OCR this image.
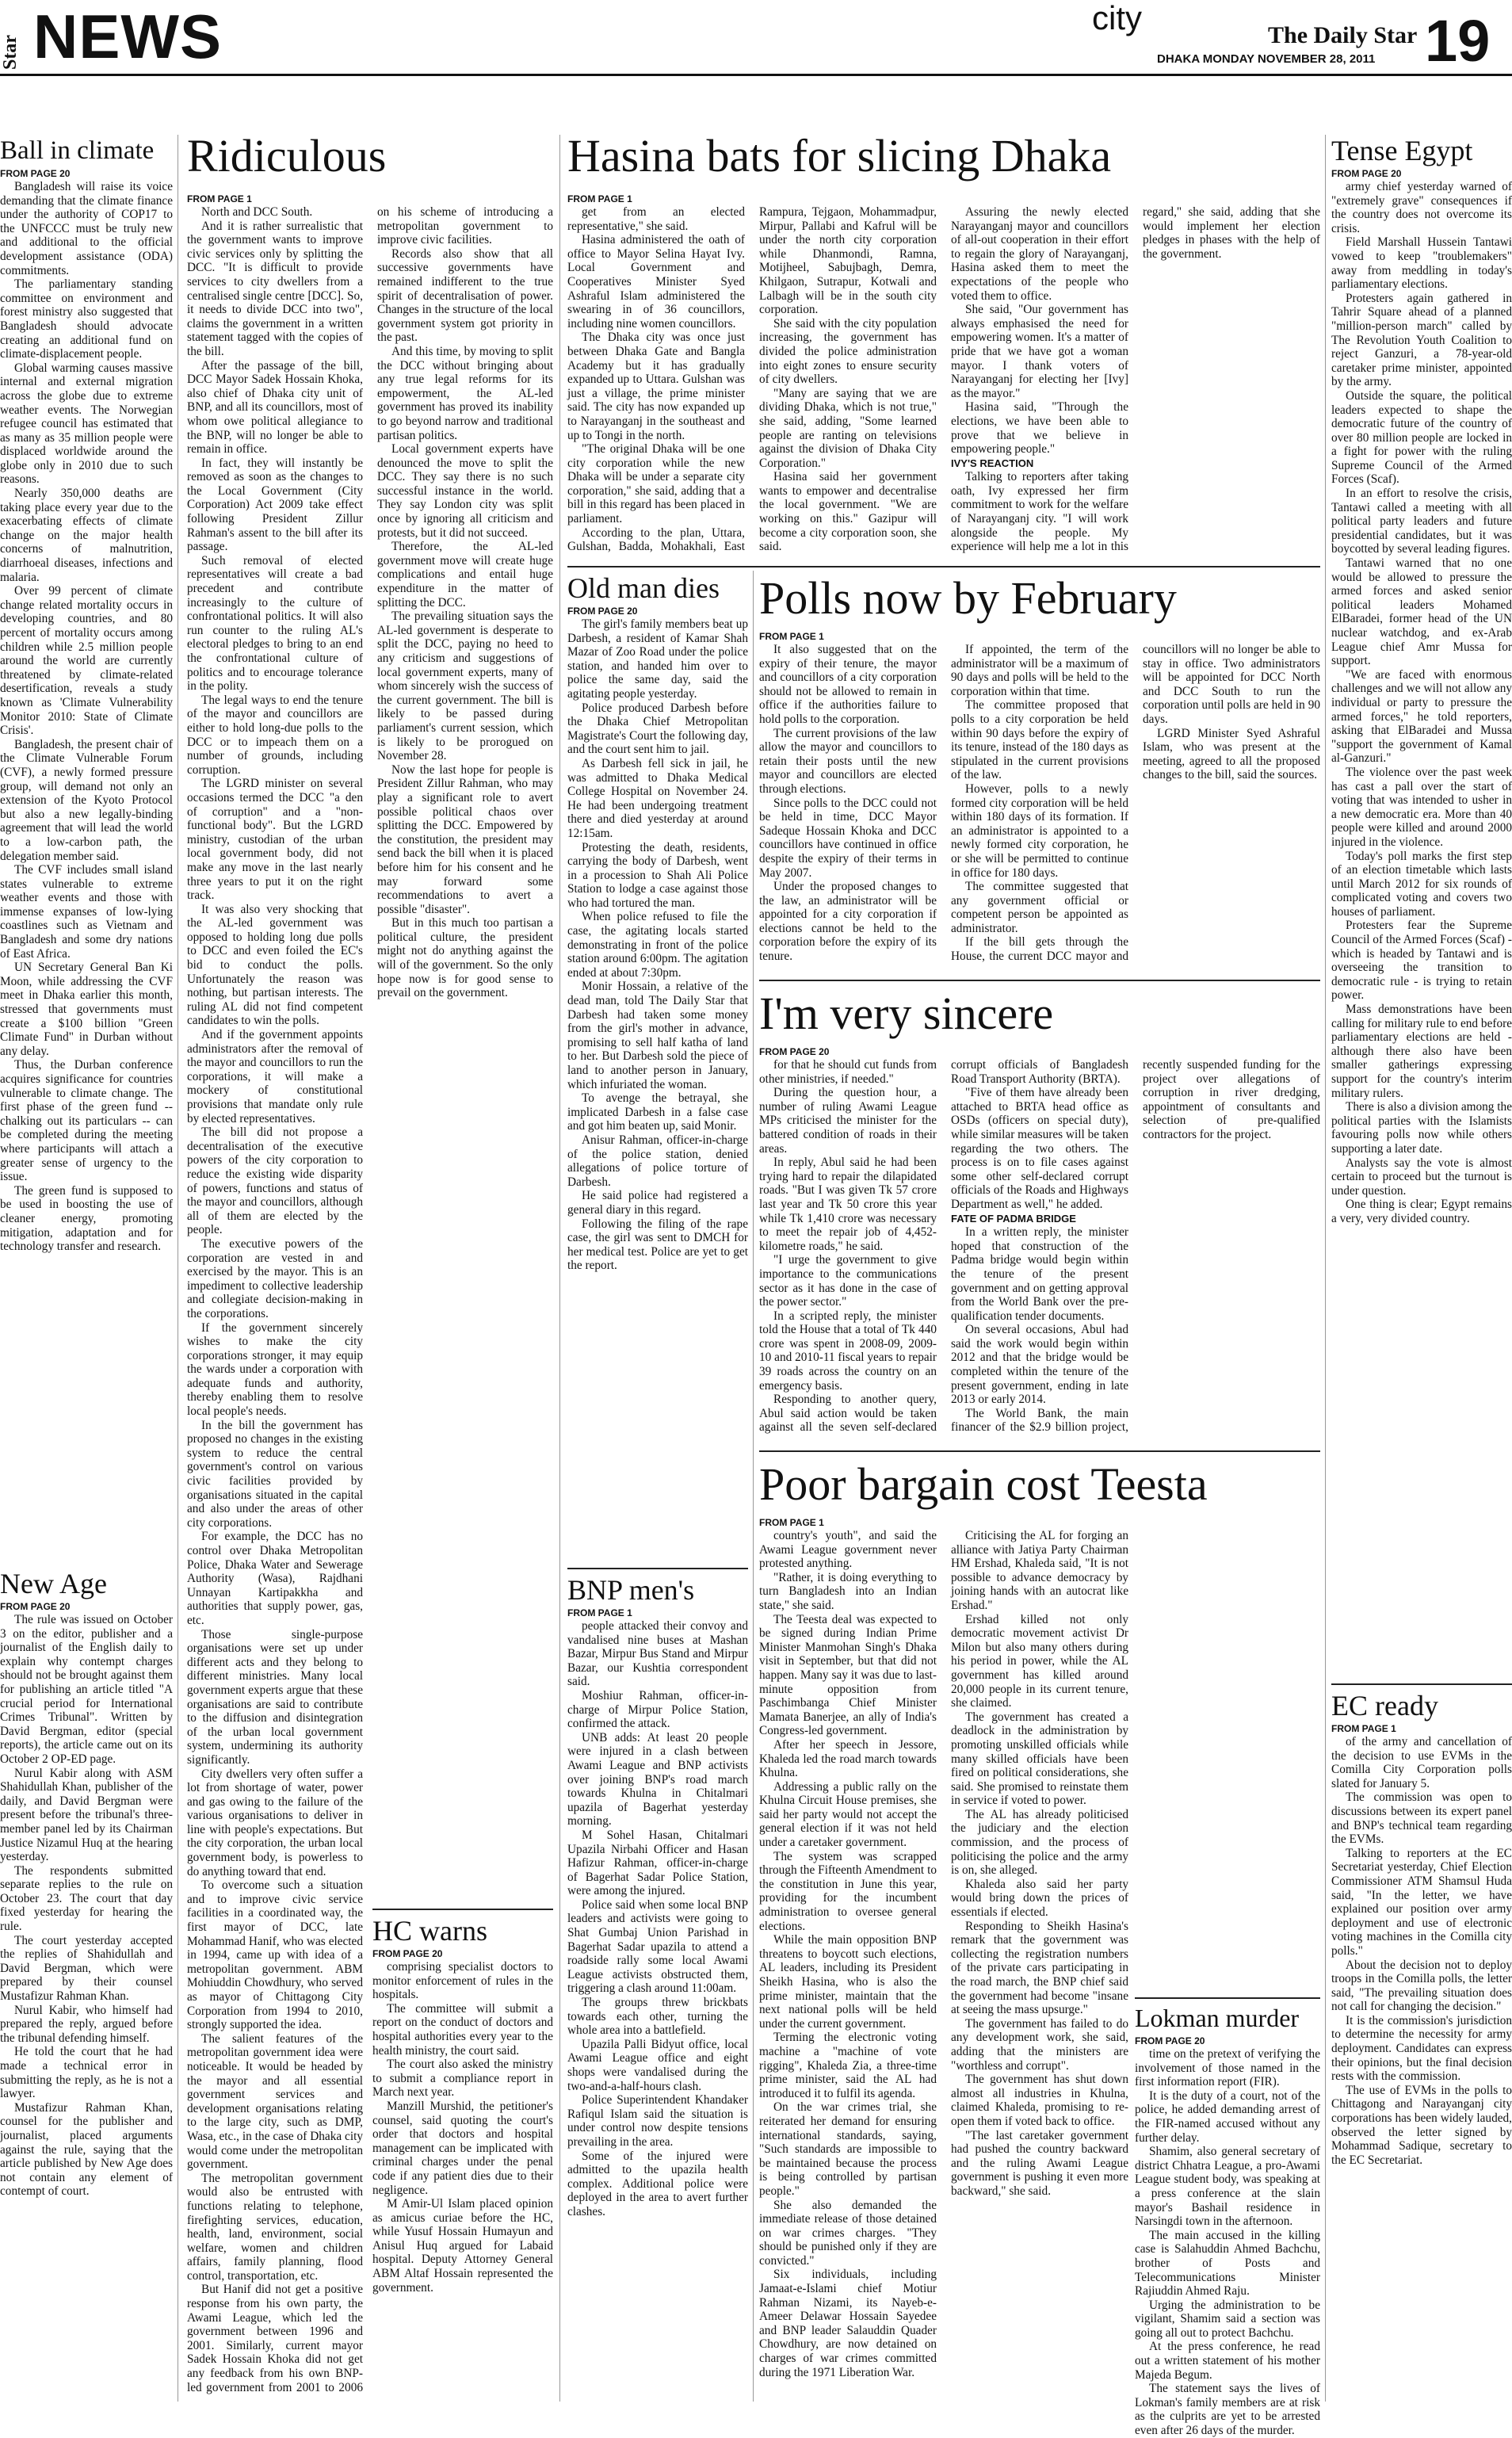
Star NEWS	city	The Daily Star
DHAKA MONDAY NOVEMBER 28, 2011 19
Ball in climate
FROM PAGE 20

Bangladesh will raise its voice demanding that the climate finance under the authority of COP17 to the UNFCCC must be truly new and additional to the official development assistance (ODA) commitments.

The parliamentary standing committee on environment and forest ministry also suggested that Bangladesh should advocate creating an additional fund on climate-displacement people.

Global warming causes massive internal and external migration across the globe due to extreme weather events. The Norwegian refugee council has estimated that as many as 35 million people were displaced worldwide around the globe only in 2010 due to such reasons.

Nearly 350,000 deaths are taking place every year due to the exacerbating effects of climate change on the major health concerns of malnutrition, diarrhoeal diseases, infections and malaria.

Over 99 percent of climate change related mortality occurs in developing countries, and 80 percent of mortality occurs among children while 2.5 million people around the world are currently threatened by climate-related desertification, reveals a study known as 'Climate Vulnerability Monitor 2010: State of Climate Crisis'.

Bangladesh, the present chair of the Climate Vulnerable Forum (CVF), a newly formed pressure group, will demand not only an extension of the Kyoto Protocol but also a new legally-binding agreement that will lead the world to a low-carbon path, the delegation member said.

The CVF includes small island states vulnerable to extreme weather events and those with immense expanses of low-lying coastlines such as Vietnam and Bangladesh and some dry nations of East Africa.

UN Secretary General Ban Ki Moon, while addressing the CVF meet in Dhaka earlier this month, stressed that governments must create a $100 billion "Green Climate Fund" in Durban without any delay.

Thus, the Durban conference acquires significance for countries vulnerable to climate change. The first phase of the green fund -- chalking out its particulars -- can be completed during the meeting where participants will attach a greater sense of urgency to the issue.

The green fund is supposed to be used in boosting the use of cleaner energy, promoting mitigation, adaptation and for technology transfer and research.

New Age
FROM PAGE 20

The rule was issued on October 3 on the editor, publisher and a journalist of the English daily to explain why contempt charges should not be brought against them for publishing an article titled "A crucial period for International Crimes Tribunal". Written by David Bergman, editor (special reports), the article came out on its October 2 OP-ED page.

Nurul Kabir along with ASM Shahidullah Khan, publisher of the daily, and David Bergman were present before the tribunal's three-member panel led by its Chairman Justice Nizamul Huq at the hearing yesterday.

The respondents submitted separate replies to the rule on October 23. The court that day fixed yesterday for hearing the rule.

The court yesterday accepted the replies of Shahidullah and David Bergman, which were prepared by their counsel Mustafizur Rahman Khan.

Nurul Kabir, who himself had prepared the reply, argued before the tribunal defending himself.

He told the court that he had made a technical error in submitting the reply, as he is not a lawyer.

Mustafizur Rahman Khan, counsel for the publisher and journalist, placed arguments against the rule, saying that the article published by New Age does not contain any element of contempt of court.

Ridiculous
FROM PAGE 1

North and DCC South.

And it is rather surrealistic that the government wants to improve civic services only by splitting the DCC. "It is difficult to provide services to city dwellers from a centralised single centre [DCC]. So, it needs to divide DCC into two", claims the government in a written statement tagged with the copies of the bill.

After the passage of the bill, DCC Mayor Sadek Hossain Khoka, also chief of Dhaka city unit of BNP, and all its councillors, most of whom owe political allegiance to the BNP, will no longer be able to remain in office.

In fact, they will instantly be removed as soon as the changes to the Local Government (City Corporation) Act 2009 take effect following President Zillur Rahman's assent to the bill after its passage.

Such removal of elected representatives will create a bad precedent and contribute increasingly to the culture of confrontational politics. It will also run counter to the ruling AL's electoral pledges to bring to an end the confrontational culture of politics and to encourage tolerance in the polity.

The legal ways to end the tenure of the mayor and councillors are either to hold long-due polls to the DCC or to impeach them on a number of grounds, including corruption.

The LGRD minister on several occasions termed the DCC "a den of corruption" and a "non-functional body". But the LGRD ministry, custodian of the urban local government body, did not make any move in the last nearly three years to put it on the right track.

It was also very shocking that the AL-led government was opposed to holding long due polls to DCC and even foiled the EC's bid to conduct the polls. Unfortunately the reason was nothing, but partisan interests. The ruling AL did not find competent candidates to win the polls.

And if the government appoints administrators after the removal of the mayor and councillors to run the corporations, it will make a mockery of constitutional provisions that mandate only rule by elected representatives.

The bill did not propose a decentralisation of the executive powers of the city corporation to reduce the existing wide disparity of powers, functions and status of the mayor and councillors, although all of them are elected by the people.

The executive powers of the corporation are vested in and exercised by the mayor. This is an impediment to collective leadership and collegiate decision-making in the corporations.

If the government sincerely wishes to make the city corporations stronger, it may equip the wards under a corporation with adequate funds and authority, thereby enabling them to resolve local people's needs.

In the bill the government has proposed no changes in the existing system to reduce the central government's control on various civic facilities provided by organisations situated in the capital and also under the areas of other city corporations.

For example, the DCC has no control over Dhaka Metropolitan Police, Dhaka Water and Sewerage Authority (Wasa), Rajdhani Unnayan Kartipakkha and authorities that supply power, gas, etc.

Those single-purpose organisations were set up under different acts and they belong to different ministries. Many local government experts argue that these organisations are said to contribute to the diffusion and disintegration of the urban local government system, undermining its authority significantly.

City dwellers very often suffer a lot from shortage of water, power and gas owing to the failure of the various organisations to deliver in line with people's expectations. But the city corporation, the urban local government body, is powerless to do anything toward that end.

To overcome such a situation and to improve civic service facilities in a coordinated way, the first mayor of DCC, late Mohammad Hanif, who was elected in 1994, came up with idea of a metropolitan government. ABM Mohiuddin Chowdhury, who served as mayor of Chittagong City Corporation from 1994 to 2010, strongly supported the idea.

The salient features of the metropolitan government idea were noticeable. It would be headed by the mayor and all essential government services and development organisations relating to the large city, such as DMP, Wasa, etc., in the case of Dhaka city would come under the metropolitan government.

The metropolitan government would also be entrusted with functions relating to telephone, firefighting services, education, health, land, environment, social welfare, women and children affairs, family planning, flood control, transportation, etc.

But Hanif did not get a positive response from his own party, the Awami League, which led the government between 1996 and 2001. Similarly, current mayor Sadek Hossain Khoka did not get any feedback from his own BNP-led government from 2001 to 2006 on his scheme of introducing a metropolitan government to improve civic facilities.

Records also show that all successive governments have remained indifferent to the true spirit of decentralisation of power. Changes in the structure of the local government system got priority in the past.

And this time, by moving to split the DCC without bringing about any true legal reforms for its empowerment, the AL-led government has proved its inability to go beyond narrow and traditional partisan politics.

Local government experts have denounced the move to split the DCC. They say there is no such successful instance in the world. They say London city was split once by ignoring all criticism and protests, but it did not succeed.

Therefore, the AL-led government move will create huge complications and entail huge expenditure in the matter of splitting the DCC.

The prevailing situation says the AL-led government is desperate to split the DCC, paying no heed to any criticism and suggestions of local government experts, many of whom sincerely wish the success of the current government. The bill is likely to be passed during parliament's current session, which is likely to be prorogued on November 28.

Now the last hope for people is President Zillur Rahman, who may play a significant role to avert possible political chaos over splitting the DCC. Empowered by the constitution, the president may send back the bill when it is placed before him for his consent and he may forward some recommendations to avert a possible "disaster".

But in this much too partisan a political culture, the president might not do anything against the will of the government. So the only hope now is for good sense to prevail on the government.

HC warns
FROM PAGE 20

comprising specialist doctors to monitor enforcement of rules in the hospitals.

The committee will submit a report on the conduct of doctors and hospital authorities every year to the health ministry, the court said.

The court also asked the ministry to submit a compliance report in March next year.

Manzill Murshid, the petitioner's counsel, said quoting the court's order that doctors and hospital management can be implicated with criminal charges under the penal code if any patient dies due to their negligence.

M Amir-Ul Islam placed opinion as amicus curiae before the HC, while Yusuf Hossain Humayun and Anisul Huq argued for Labaid hospital. Deputy Attorney General ABM Altaf Hossain represented the government.

Hasina bats for slicing Dhaka
FROM PAGE 1

get from an elected representative," she said.

Hasina administered the oath of office to Mayor Selina Hayat Ivy. Local Government and Cooperatives Minister Syed Ashraful Islam administered the swearing in of 36 councillors, including nine women councillors.

The Dhaka city was once just between Dhaka Gate and Bangla Academy but it has gradually expanded up to Uttara. Gulshan was just a village, the prime minister said. The city has now expanded up to Narayanganj in the southeast and up to Tongi in the north.

"The original Dhaka will be one city corporation while the new Dhaka will be under a separate city corporation," she said, adding that a bill in this regard has been placed in parliament.

According to the plan, Uttara, Gulshan, Badda, Mohakhali, East Rampura, Tejgaon, Mohammadpur, Mirpur, Pallabi and Kafrul will be under the north city corporation while Dhanmondi, Ramna, Motijheel, Sabujbagh, Demra, Khilgaon, Sutrapur, Kotwali and Lalbagh will be in the south city corporation.

She said with the city population increasing, the government has divided the police administration into eight zones to ensure security of city dwellers.

"Many are saying that we are dividing Dhaka, which is not true," she said, adding, "Some learned people are ranting on televisions against the division of Dhaka City Corporation."

Hasina said her government wants to empower and decentralise the local government. "We are working on this." Gazipur will become a city corporation soon, she said.

Assuring the newly elected Narayanganj mayor and councillors of all-out cooperation in their effort to regain the glory of Narayanganj, Hasina asked them to meet the expectations of the people who voted them to office.

She said, "Our government has always emphasised the need for empowering women. It's a matter of pride that we have got a woman mayor. I thank voters of Narayanganj for electing her [Ivy] as the mayor."

Hasina said, "Through the elections, we have been able to prove that we believe in empowering people."

IVY'S REACTION

Talking to reporters after taking oath, Ivy expressed her firm commitment to work for the welfare of Narayanganj city. "I will work alongside the people. My experience will help me a lot in this regard," she said, adding that she would implement her election pledges in phases with the help of the government.

Old man dies
FROM PAGE 20

The girl's family members beat up Darbesh, a resident of Kamar Shah Mazar of Zoo Road under the police station, and handed him over to police the same day, said the agitating people yesterday.

Police produced Darbesh before the Dhaka Chief Metropolitan Magistrate's Court the following day, and the court sent him to jail.

As Darbesh fell sick in jail, he was admitted to Dhaka Medical College Hospital on November 24. He had been undergoing treatment there and died yesterday at around 12:15am.

Protesting the death, residents, carrying the body of Darbesh, went in a procession to Shah Ali Police Station to lodge a case against those who had tortured the man.

When police refused to file the case, the agitating locals started demonstrating in front of the police station around 6:00pm. The agitation ended at about 7:30pm.

Monir Hossain, a relative of the dead man, told The Daily Star that Darbesh had taken some money from the girl's mother in advance, promising to sell half katha of land to her. But Darbesh sold the piece of land to another person in January, which infuriated the woman.

To avenge the betrayal, she implicated Darbesh in a false case and got him beaten up, said Monir.

Anisur Rahman, officer-in-charge of the police station, denied allegations of police torture of Darbesh.

He said police had registered a general diary in this regard.

Following the filing of the rape case, the girl was sent to DMCH for her medical test. Police are yet to get the report.

Polls now by February
FROM PAGE 1

It also suggested that on the expiry of their tenure, the mayor and councillors of a city corporation should not be allowed to remain in office if the authorities failure to hold polls to the corporation.

The current provisions of the law allow the mayor and councillors to retain their posts until the new mayor and councillors are elected through elections.

Since polls to the DCC could not be held in time, DCC Mayor Sadeque Hossain Khoka and DCC councillors have continued in office despite the expiry of their terms in May 2007.

Under the proposed changes to the law, an administrator will be appointed for a city corporation if elections cannot be held to the corporation before the expiry of its tenure.

If appointed, the term of the administrator will be a maximum of 90 days and polls will be held to the corporation within that time.

The committee proposed that polls to a city corporation be held within 90 days before the expiry of its tenure, instead of the 180 days as stipulated in the current provisions of the law.

However, polls to a newly formed city corporation will be held within 180 days of its formation. If an administrator is appointed to a newly formed city corporation, he or she will be permitted to continue in office for 180 days.

The committee suggested that any government official or competent person be appointed as administrator.

If the bill gets through the House, the current DCC mayor and councillors will no longer be able to stay in office. Two administrators will be appointed for DCC North and DCC South to run the corporation until polls are held in 90 days.

LGRD Minister Syed Ashraful Islam, who was present at the meeting, agreed to all the proposed changes to the bill, said the sources.

I'm very sincere
FROM PAGE 20

for that he should cut funds from other ministries, if needed."

During the question hour, a number of ruling Awami League MPs criticised the minister for the battered condition of roads in their areas.

In reply, Abul said he had been trying hard to repair the dilapidated roads. "But I was given Tk 57 crore last year and Tk 50 crore this year while Tk 1,410 crore was necessary to meet the repair job of 4,452-kilometre roads," he said.

"I urge the government to give importance to the communications sector as it has done in the case of the power sector."

In a scripted reply, the minister told the House that a total of Tk 440 crore was spent in 2008-09, 2009-10 and 2010-11 fiscal years to repair 39 roads across the country on an emergency basis.

Responding to another query, Abul said action would be taken against all the seven self-declared corrupt officials of Bangladesh Road Transport Authority (BRTA).

"Five of them have already been attached to BRTA head office as OSDs (officers on special duty), while similar measures will be taken regarding the two others. The process is on to file cases against some other self-declared corrupt officials of the Roads and Highways Department as well," he added.

FATE OF PADMA BRIDGE

In a written reply, the minister hoped that construction of the Padma bridge would begin within the tenure of the present government and on getting approval from the World Bank over the pre-qualification tender documents.

On several occasions, Abul had said the work would begin within 2012 and that the bridge would be completed within the tenure of the present government, ending in late 2013 or early 2014.

The World Bank, the main financer of the $2.9 billion project, recently suspended funding for the project over allegations of corruption in river dredging, appointment of consultants and selection of pre-qualified contractors for the project.

BNP men's
FROM PAGE 1

people attacked their convoy and vandalised nine buses at Mashan Bazar, Mirpur Bus Stand and Mirpur Bazar, our Kushtia correspondent said.

Moshiur Rahman, officer-in-charge of Mirpur Police Station, confirmed the attack.

UNB adds: At least 20 people were injured in a clash between Awami League and BNP activists over joining BNP's road march towards Khulna in Chitalmari upazila of Bagerhat yesterday morning.

M Sohel Hasan, Chitalmari Upazila Nirbahi Officer and Hasan Hafizur Rahman, officer-in-charge of Bagerhat Sadar Police Station, were among the injured.

Police said when some local BNP leaders and activists were going to Shat Gumbaj Union Parishad in Bagerhat Sadar upazila to attend a roadside rally some local Awami League activists obstructed them, triggering a clash around 11:00am.

The groups threw brickbats towards each other, turning the whole area into a battlefield.

Upazila Palli Bidyut office, local Awami League office and eight shops were vandalised during the two-and-a-half-hours clash.

Police Superintendent Khandaker Rafiqul Islam said the situation is under control now despite tensions prevailing in the area.

Some of the injured were admitted to the upazila health complex. Additional police were deployed in the area to avert further clashes.

Poor bargain cost Teesta
FROM PAGE 1

country's youth", and said the Awami League government never protested anything.

"Rather, it is doing everything to turn Bangladesh into an Indian state," she said.

The Teesta deal was expected to be signed during Indian Prime Minister Manmohan Singh's Dhaka visit in September, but that did not happen. Many say it was due to last-minute opposition from Paschimbanga Chief Minister Mamata Banerjee, an ally of India's Congress-led government.

After her speech in Jessore, Khaleda led the road march towards Khulna.

Addressing a public rally on the Khulna Circuit House premises, she said her party would not accept the general election if it was not held under a caretaker government.

The system was scrapped through the Fifteenth Amendment to the constitution in June this year, providing for the incumbent administration to oversee general elections.

While the main opposition BNP threatens to boycott such elections, AL leaders, including its President Sheikh Hasina, who is also the prime minister, maintain that the next national polls will be held under the current government.

Terming the electronic voting machine a "machine of vote rigging", Khaleda Zia, a three-time prime minister, said the AL had introduced it to fulfil its agenda.

On the war crimes trial, she reiterated her demand for ensuring international standards, saying, "Such standards are impossible to be maintained because the process is being controlled by partisan people."

She also demanded the immediate release of those detained on war crimes charges. "They should be punished only if they are convicted."

Six individuals, including Jamaat-e-Islami chief Motiur Rahman Nizami, its Nayeb-e-Ameer Delawar Hossain Sayedee and BNP leader Salauddin Quader Chowdhury, are now detained on charges of war crimes committed during the 1971 Liberation War.

Criticising the AL for forging an alliance with Jatiya Party Chairman HM Ershad, Khaleda said, "It is not possible to advance democracy by joining hands with an autocrat like Ershad."

Ershad killed not only democratic movement activist Dr Milon but also many others during his period in power, while the AL government has killed around 20,000 people in its current tenure, she claimed.

The government has created a deadlock in the administration by promoting unskilled officials while many skilled officials have been fired on political considerations, she said. She promised to reinstate them in service if voted to power.

The AL has already politicised the judiciary and the election commission, and the process of politicising the police and the army is on, she alleged.

Khaleda also said her party would bring down the prices of essentials if elected.

Responding to Sheikh Hasina's remark that the government was collecting the registration numbers of the private cars participating in the road march, the BNP chief said the government had become "insane at seeing the mass upsurge."

The government has failed to do any development work, she said, adding that the ministers are "worthless and corrupt".

The government has shut down almost all industries in Khulna, claimed Khaleda, promising to re-open them if voted back to office.

"The last caretaker government had pushed the country backward and the ruling Awami League government is pushing it even more backward," she said.

Lokman murder
FROM PAGE 20

time on the pretext of verifying the involvement of those named in the first information report (FIR).

It is the duty of a court, not of the police, he added demanding arrest of the FIR-named accused without any further delay.

Shamim, also general secretary of district Chhatra League, a pro-Awami League student body, was speaking at a press conference at the slain mayor's Bashail residence in Narsingdi town in the afternoon.

The main accused in the killing case is Salahuddin Ahmed Bachchu, brother of Posts and Telecommunications Minister Rajiuddin Ahmed Raju.

Urging the administration to be vigilant, Shamim said a section was going all out to protect Bachchu.

At the press conference, he read out a written statement of his mother Majeda Begum.

The statement says the lives of Lokman's family members are at risk as the culprits are yet to be arrested even after 26 days of the murder.

Tense Egypt
FROM PAGE 20

army chief yesterday warned of "extremely grave" consequences if the country does not overcome its crisis.

Field Marshall Hussein Tantawi vowed to keep "troublemakers" away from meddling in today's parliamentary elections.

Protesters again gathered in Tahrir Square ahead of a planned "million-person march" called by The Revolution Youth Coalition to reject Ganzuri, a 78-year-old caretaker prime minister, appointed by the army.

Outside the square, the political leaders expected to shape the democratic future of the country of over 80 million people are locked in a fight for power with the ruling Supreme Council of the Armed Forces (Scaf).

In an effort to resolve the crisis, Tantawi called a meeting with all political party leaders and future presidential candidates, but it was boycotted by several leading figures.

Tantawi warned that no one would be allowed to pressure the armed forces and asked senior political leaders Mohamed ElBaradei, former head of the UN nuclear watchdog, and ex-Arab League chief Amr Mussa for support.

"We are faced with enormous challenges and we will not allow any individual or party to pressure the armed forces," he told reporters, asking that ElBaradei and Mussa "support the government of Kamal al-Ganzuri."

The violence over the past week has cast a pall over the start of voting that was intended to usher in a new democratic era. More than 40 people were killed and around 2000 injured in the violence.

Today's poll marks the first step of an election timetable which lasts until March 2012 for six rounds of complicated voting and covers two houses of parliament.

Protesters fear the Supreme Council of the Armed Forces (Scaf) - which is headed by Tantawi and is overseeing the transition to democratic rule - is trying to retain power.

Mass demonstrations have been calling for military rule to end before parliamentary elections are held - although there also have been smaller gatherings expressing support for the country's interim military rulers.

There is also a division among the political parties with the Islamists favouring polls now while others supporting a later date.

Analysts say the vote is almost certain to proceed but the turnout is under question.

One thing is clear; Egypt remains a very, very divided country.

EC ready
FROM PAGE 1

of the army and cancellation of the decision to use EVMs in the Comilla City Corporation polls slated for January 5.

The commission was open to discussions between its expert panel and BNP's technical team regarding the EVMs.

Talking to reporters at the EC Secretariat yesterday, Chief Election Commissioner ATM Shamsul Huda said, "In the letter, we have explained our position over army deployment and use of electronic voting machines in the Comilla city polls."

About the decision not to deploy troops in the Comilla polls, the letter said, "The prevailing situation does not call for changing the decision."

It is the commission's jurisdiction to determine the necessity for army deployment. Candidates can express their opinions, but the final decision rests with the commission.

The use of EVMs in the polls to Chittagong and Narayanganj city corporations has been widely lauded, observed the letter signed by Mohammad Sadique, secretary to the EC Secretariat.
